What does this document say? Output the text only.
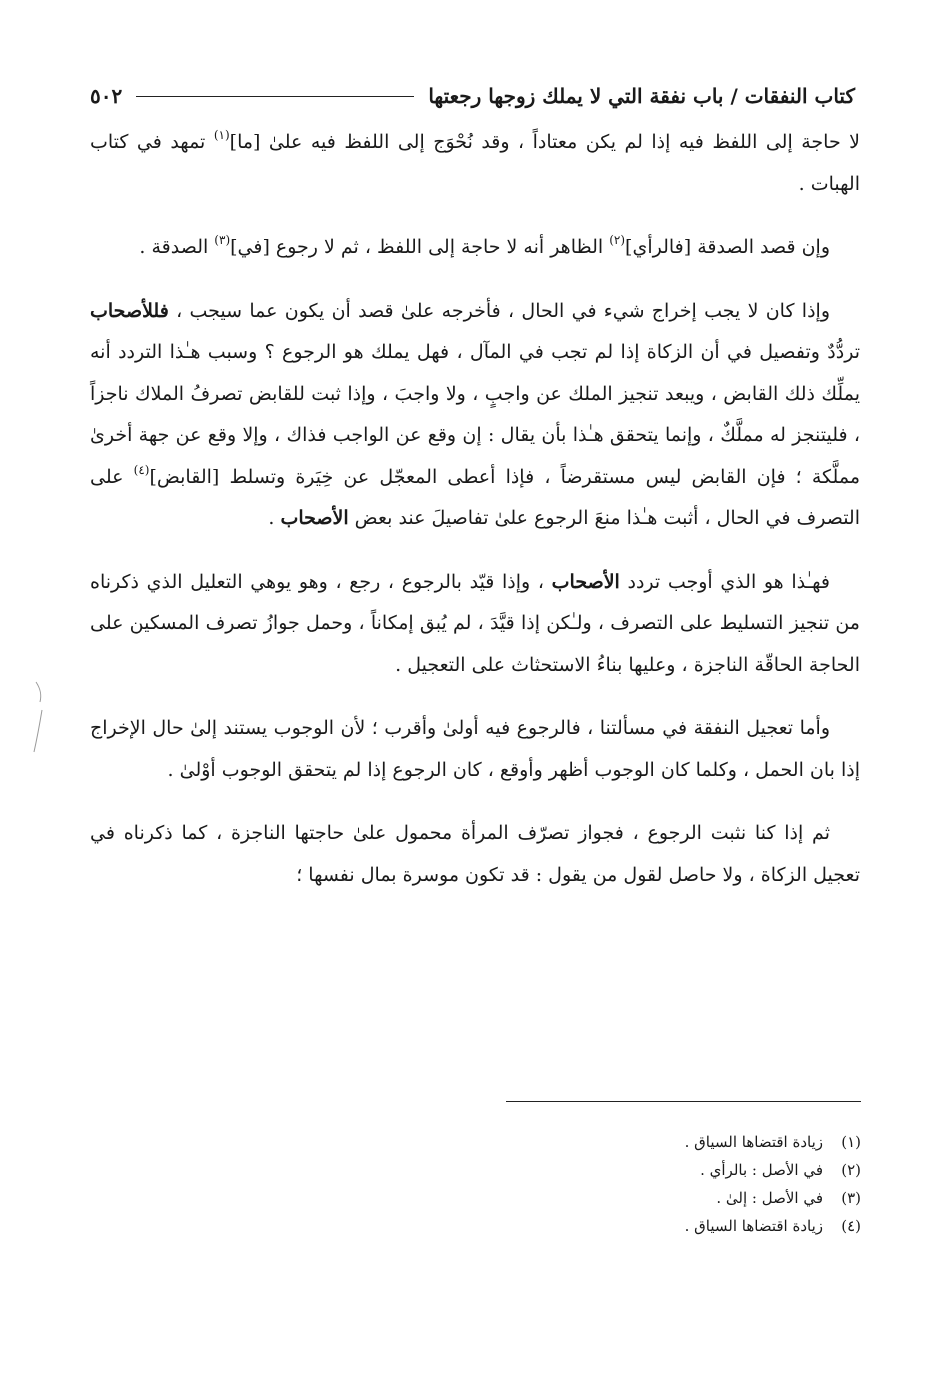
كتاب النفقات / باب نفقة التي لا يملك زوجها رجعتها
٥٠٢

لا حاجة إلى اللفظ فيه إذا لم يكن معتاداً ، وقد نُحْوَج إلى اللفظ فيه علىٰ [ما]$^{(١)}$ تمهد في كتاب الهبات .

وإن قصد الصدقة [فالرأي]$^{(٢)}$ الظاهر أنه لا حاجة إلى اللفظ ، ثم لا رجوع [في]$^{(٣)}$ الصدقة .

وإذا كان لا يجب إخراج شيء في الحال ، فأخرجه علىٰ قصد أن يكون عما سيجب ، فللأصحاب تردُّدٌ وتفصيل في أن الزكاة إذا لم تجب في المآل ، فهل يملك هو الرجوع ؟ وسبب هـٰذا التردد أنه يملِّك ذلك القابض ، ويبعد تنجيز الملك عن واجبٍ ، ولا واجبَ ، وإذا ثبت للقابض تصرفُ الملاك ناجزاً ، فليتنجز له مملَّكٌ ، وإنما يتحقق هـٰذا بأن يقال : إن وقع عن الواجب فذاك ، وإلا وقع عن جهة أخرىٰ مملَّكة ؛ فإن القابض ليس مستقرضاً ، فإذا أعطى المعجّل عن خِيَرة وتسلط [القابض]$^{(٤)}$ على التصرف في الحال ، أثبت هـٰذا منعَ الرجوع علىٰ تفاصيلَ عند بعض الأصحاب .

فهـٰذا هو الذي أوجب تردد الأصحاب ، وإذا قيّد بالرجوع ، رجع ، وهو يوهي التعليل الذي ذكرناه من تنجيز التسليط على التصرف ، ولـٰكن إذا قيَّدَ ، لم يُبق إمكاناً ، وحمل جوازُ تصرف المسكين على الحاجة الحاقّة الناجزة ، وعليها بناءُ الاستحثاث على التعجيل .

وأما تعجيل النفقة في مسألتنا ، فالرجوع فيه أولىٰ وأقرب ؛ لأن الوجوب يستند إلىٰ حال الإخراج إذا بان الحمل ، وكلما كان الوجوب أظهر وأوقع ، كان الرجوع إذا لم يتحقق الوجوب أوْلىٰ .

ثم إذا كنا نثبت الرجوع ، فجواز تصرّف المرأة محمول علىٰ حاجتها الناجزة ، كما ذكرناه في تعجيل الزكاة ، ولا حاصل لقول من يقول : قد تكون موسرة بمال نفسها ؛

(١)
زيادة اقتضاها السياق .
(٢)
في الأصل : بالرأي .
(٣)
في الأصل : إلىٰ .
(٤)
زيادة اقتضاها السياق .
